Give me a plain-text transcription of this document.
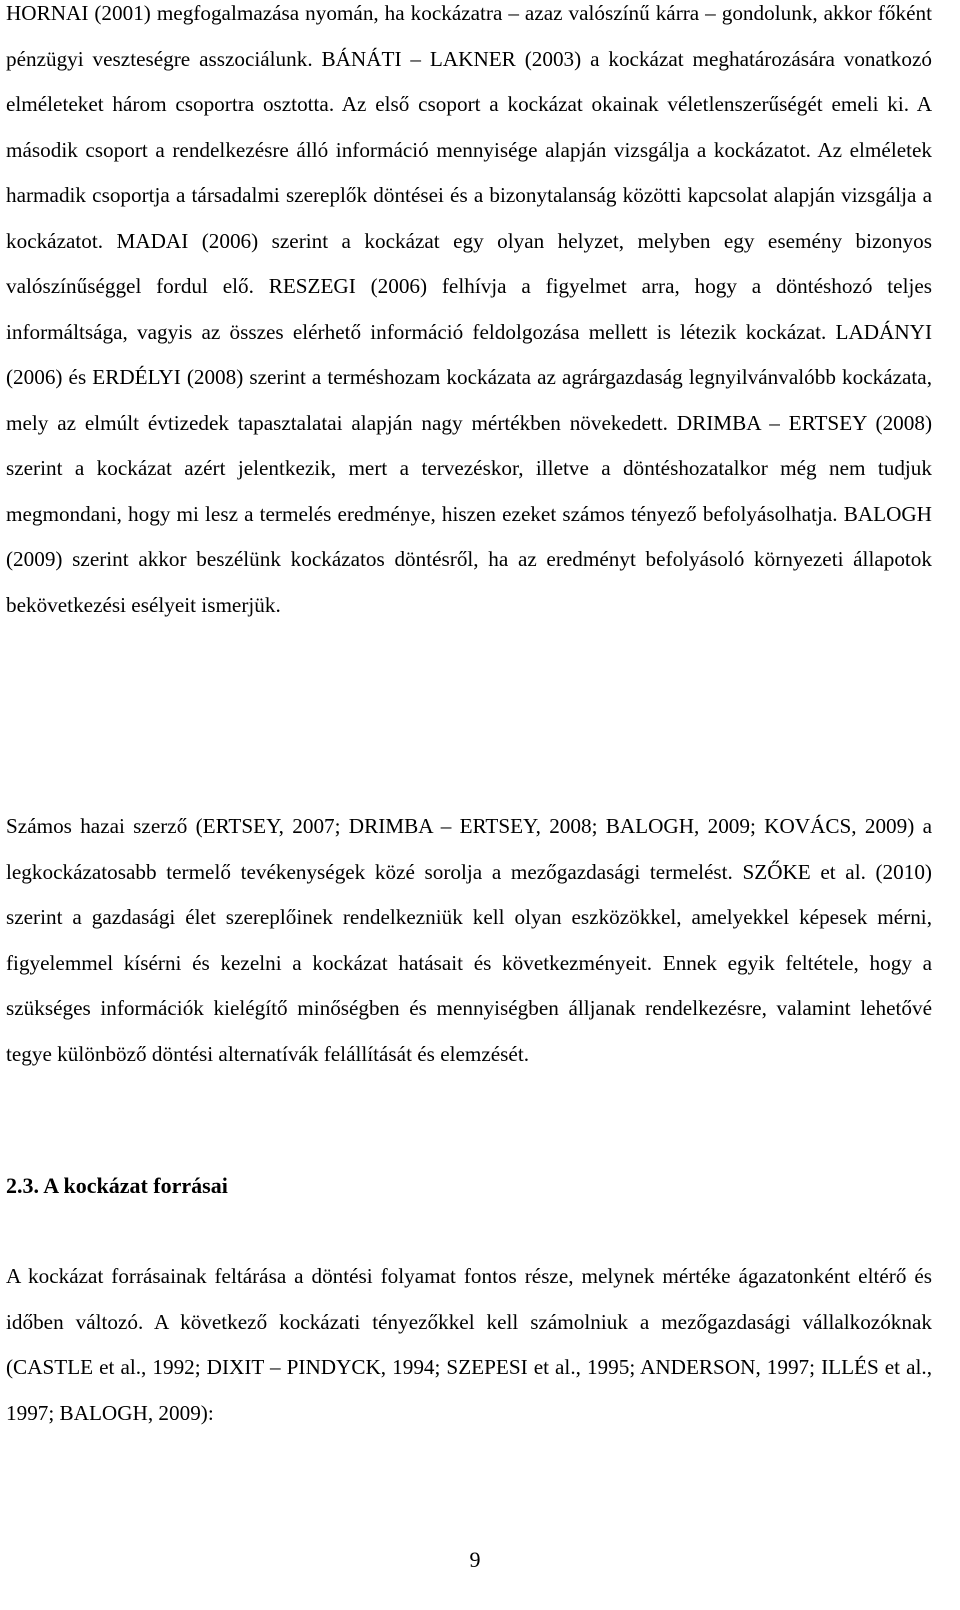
HORNAI (2001) megfogalmazása nyomán, ha kockázatra – azaz valószínű kárra – gondolunk, akkor főként pénzügyi veszteségre asszociálunk. BÁNÁTI – LAKNER (2003) a kockázat meghatározására vonatkozó elméleteket három csoportra osztotta. Az első csoport a kockázat okainak véletlenszerűségét emeli ki. A második csoport a rendelkezésre álló információ mennyisége alapján vizsgálja a kockázatot. Az elméletek harmadik csoportja a társadalmi szereplők döntései és a bizonytalanság közötti kapcsolat alapján vizsgálja a kockázatot. MADAI (2006) szerint a kockázat egy olyan helyzet, melyben egy esemény bizonyos valószínűséggel fordul elő. RESZEGI (2006) felhívja a figyelmet arra, hogy a döntéshozó teljes informáltsága, vagyis az összes elérhető információ feldolgozása mellett is létezik kockázat. LADÁNYI (2006) és ERDÉLYI (2008) szerint a terméshozam kockázata az agrárgazdaság legnyilvánvalóbb kockázata, mely az elmúlt évtizedek tapasztalatai alapján nagy mértékben növekedett. DRIMBA – ERTSEY (2008) szerint a kockázat azért jelentkezik, mert a tervezéskor, illetve a döntéshozatalkor még nem tudjuk megmondani, hogy mi lesz a termelés eredménye, hiszen ezeket számos tényező befolyásolhatja. BALOGH (2009) szerint akkor beszélünk kockázatos döntésről, ha az eredményt befolyásoló környezeti állapotok bekövetkezési esélyeit ismerjük.

Számos hazai szerző (ERTSEY, 2007; DRIMBA – ERTSEY, 2008; BALOGH, 2009; KOVÁCS, 2009) a legkockázatosabb termelő tevékenységek közé sorolja a mezőgazdasági termelést. SZŐKE et al. (2010) szerint a gazdasági élet szereplőinek rendelkezniük kell olyan eszközökkel, amelyekkel képesek mérni, figyelemmel kísérni és kezelni a kockázat hatásait és következményeit. Ennek egyik feltétele, hogy a szükséges információk kielégítő minőségben és mennyiségben álljanak rendelkezésre, valamint lehetővé tegye különböző döntési alternatívák felállítását és elemzését.

2.3. A kockázat forrásai

A kockázat forrásainak feltárása a döntési folyamat fontos része, melynek mértéke ágazatonként eltérő és időben változó. A következő kockázati tényezőkkel kell számolniuk a mezőgazdasági vállalkozóknak (CASTLE et al., 1992; DIXIT – PINDYCK, 1994; SZEPESI et al., 1995; ANDERSON, 1997; ILLÉS et al., 1997; BALOGH, 2009):

9
